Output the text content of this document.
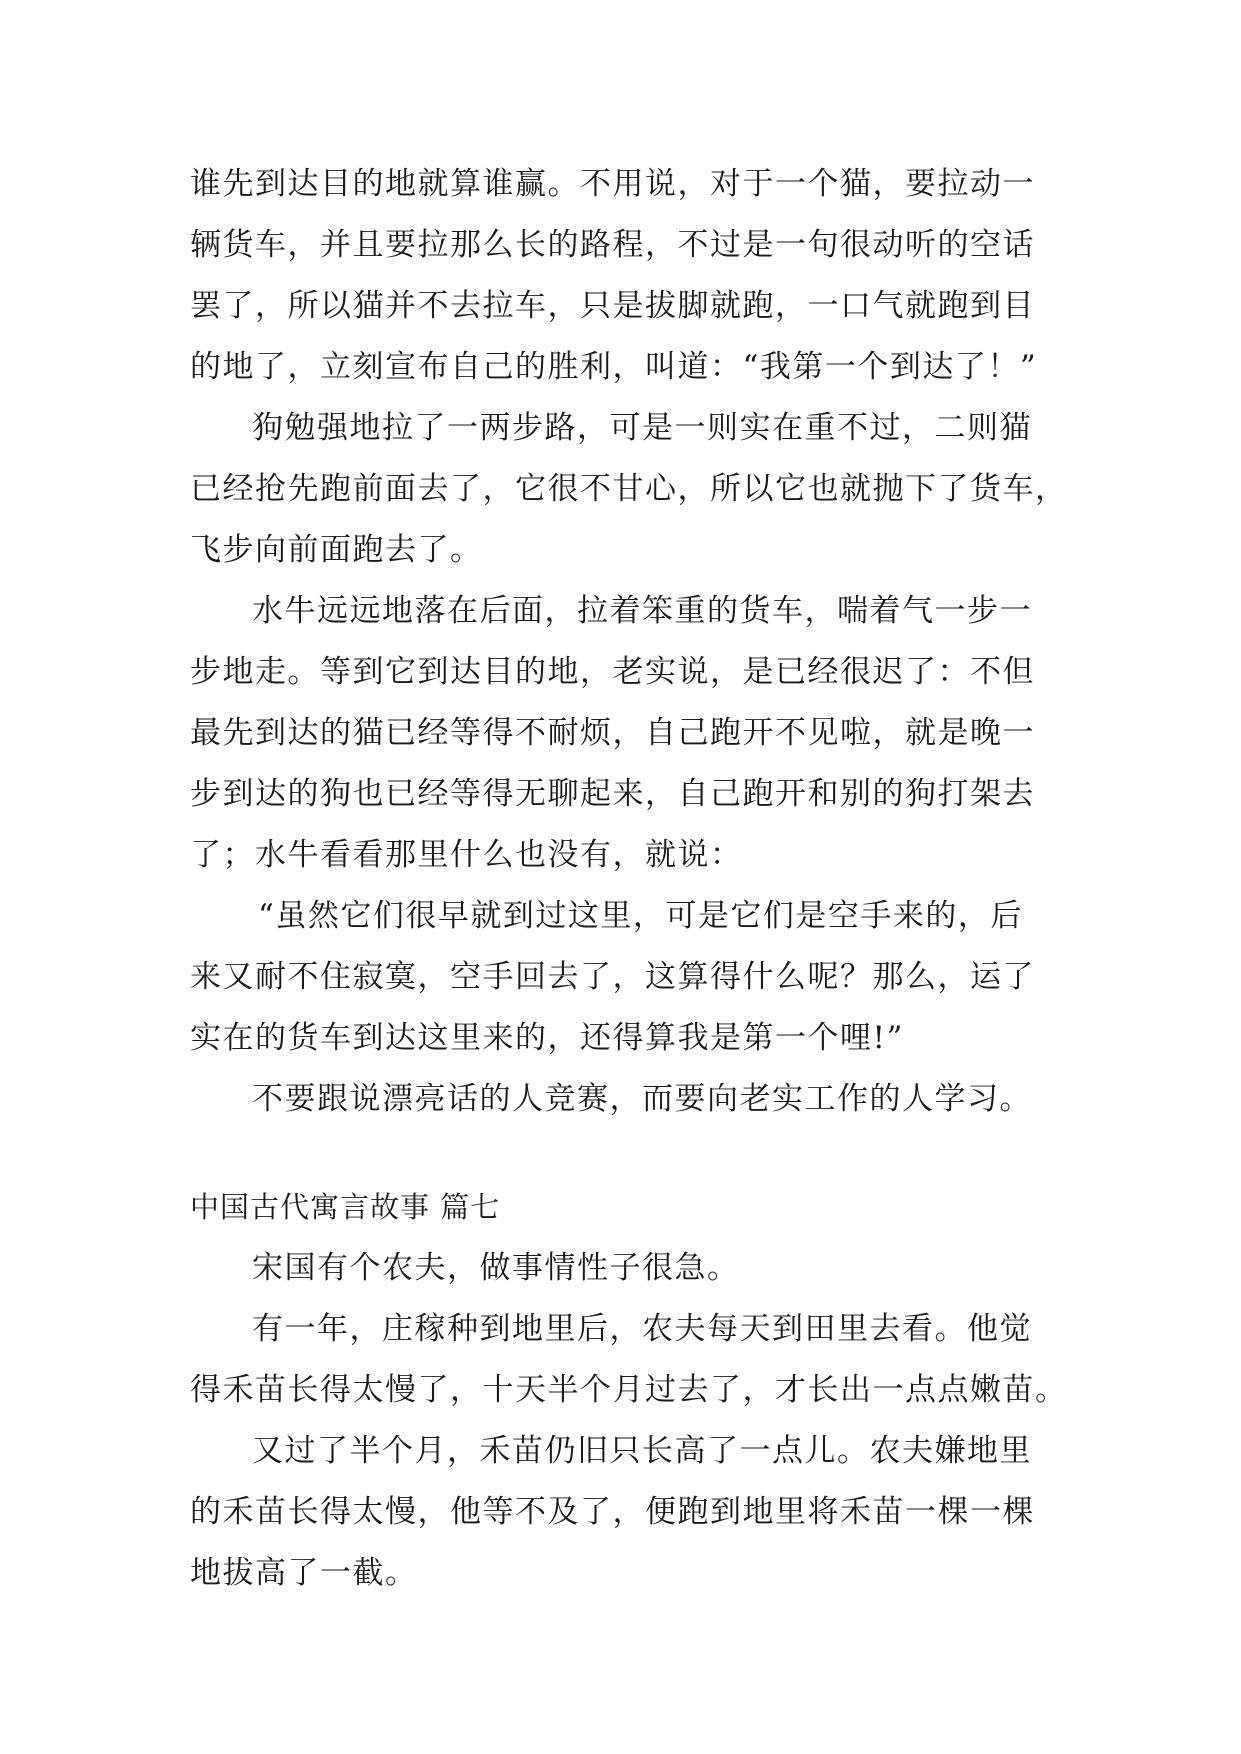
谁先到达目的地就算谁赢。不用说，对于一个猫，要拉动一
辆货车，并且要拉那么长的路程，不过是一句很动听的空话
罢了，所以猫并不去拉车，只是拔脚就跑，一口气就跑到目
的地了，立刻宣布自己的胜利，叫道：“我第一个到达了！”
狗勉强地拉了一两步路，可是一则实在重不过，二则猫
已经抢先跑前面去了，它很不甘心，所以它也就抛下了货车，
飞步向前面跑去了。
水牛远远地落在后面，拉着笨重的货车，喘着气一步一
步地走。等到它到达目的地，老实说，是已经很迟了：不但
最先到达的猫已经等得不耐烦，自己跑开不见啦，就是晚一
步到达的狗也已经等得无聊起来，自己跑开和别的狗打架去
了；水牛看看那里什么也没有，就说：
“虽然它们很早就到过这里，可是它们是空手来的，后
来又耐不住寂寞，空手回去了，这算得什么呢？那么，运了
实在的货车到达这里来的，还得算我是第一个哩!”
不要跟说漂亮话的人竞赛，而要向老实工作的人学习。
中国古代寓言故事 篇七
宋国有个农夫，做事情性子很急。
有一年，庄稼种到地里后，农夫每天到田里去看。他觉
得禾苗长得太慢了，十天半个月过去了，才长出一点点嫩苗。
又过了半个月，禾苗仍旧只长高了一点儿。农夫嫌地里
的禾苗长得太慢，他等不及了，便跑到地里将禾苗一棵一棵
地拔高了一截。
